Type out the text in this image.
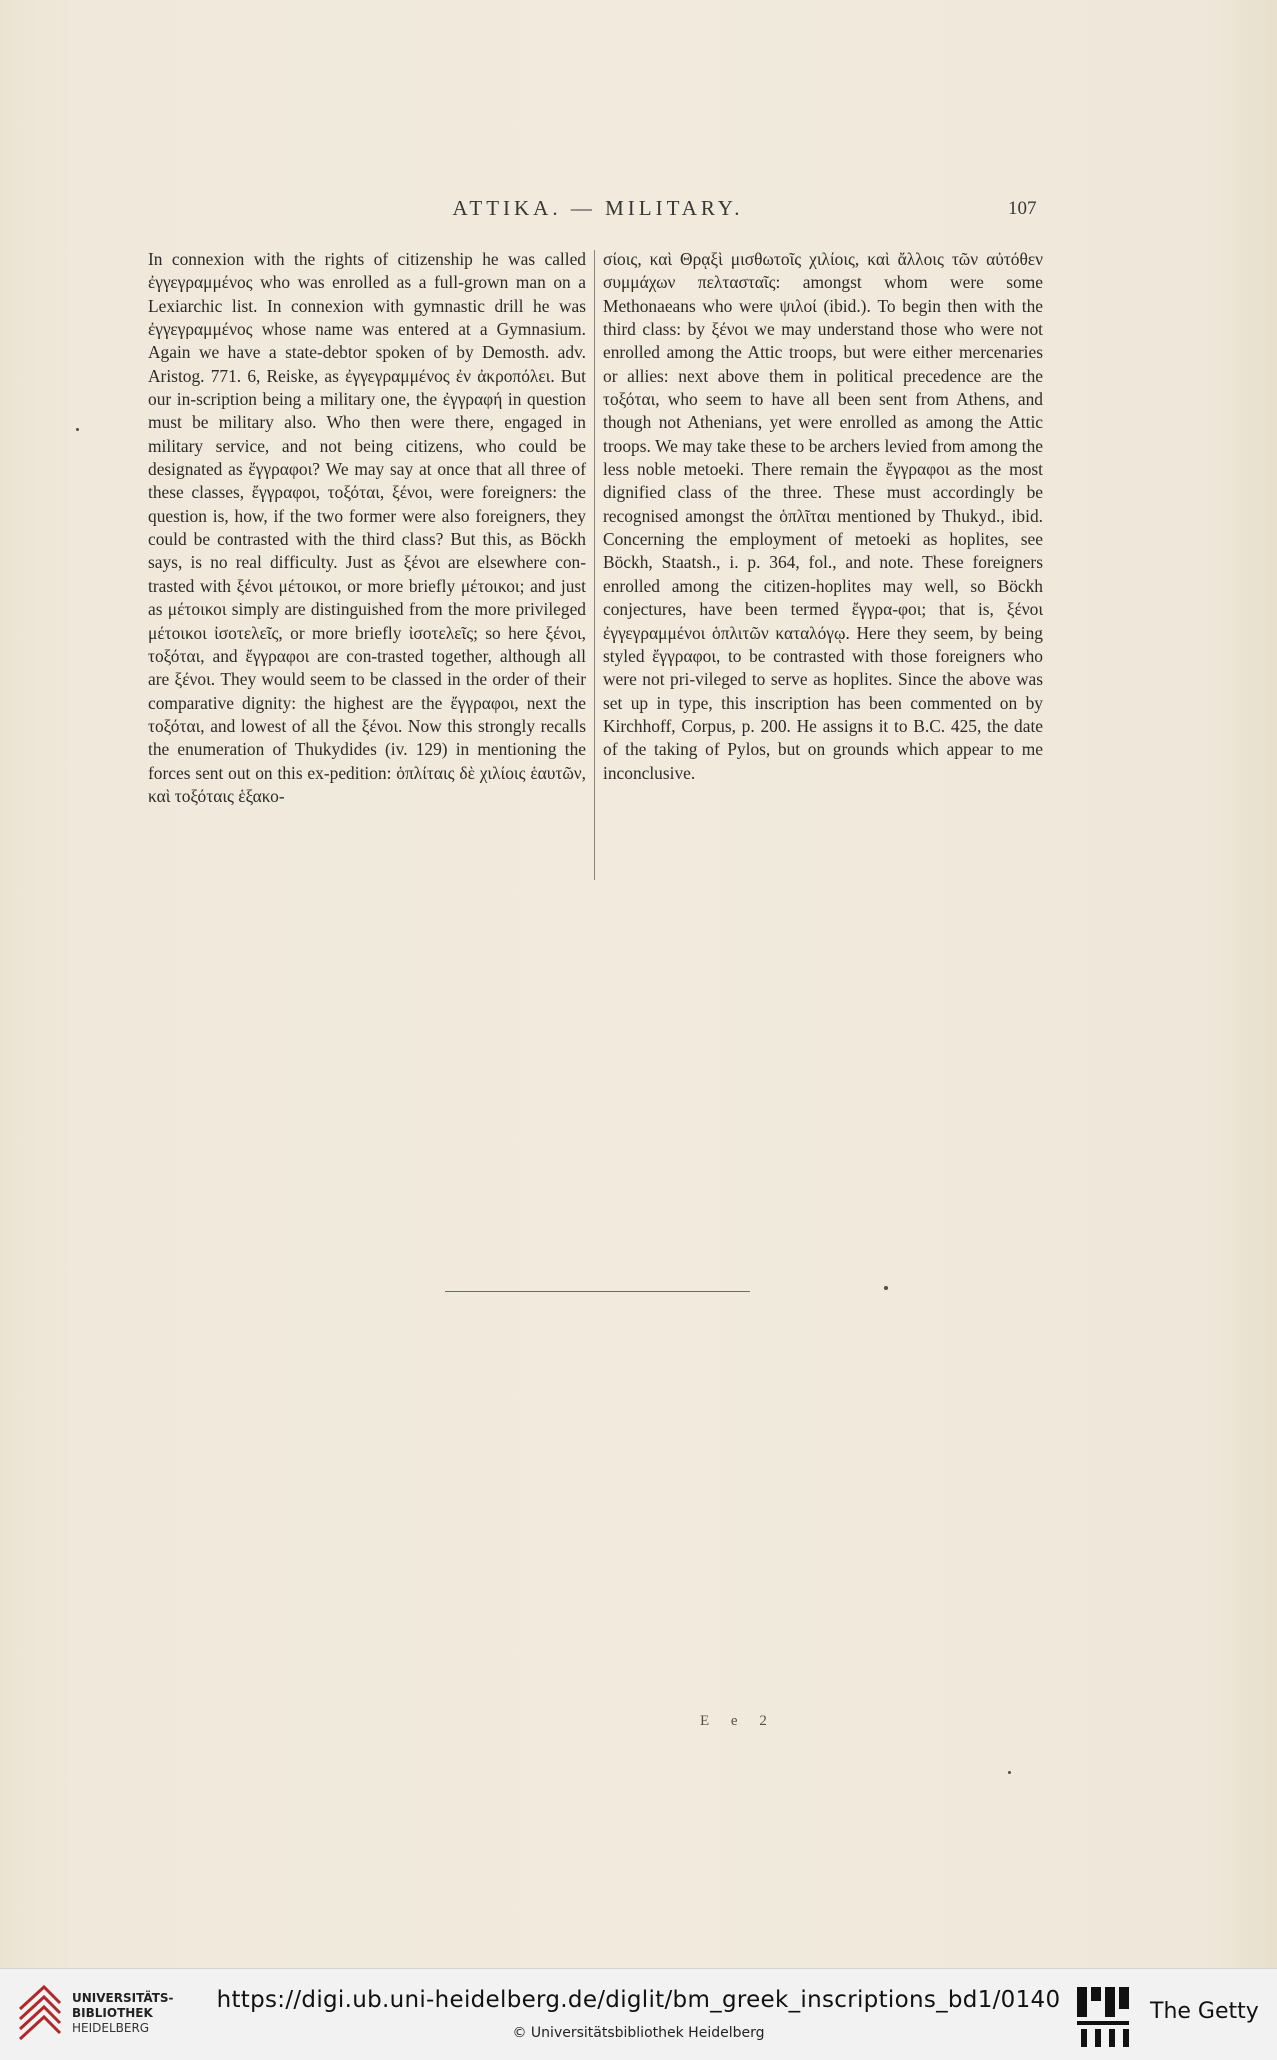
ATTIKA. — MILITARY.	107

In connexion with the rights of citizenship he was called ἐγγεγραμμένος who was enrolled as a full-grown man on a Lexiarchic list. In connexion with gymnastic drill he was ἐγγεγραμμένος whose name was entered at a Gymnasium. Again we have a state-debtor spoken of by Demosth. adv. Aristog. 771. 6, Reiske, as ἐγγεγραμμένος ἐν ἀκροπόλει. But our in-scription being a military one, the ἐγγραφή in question must be military also. Who then were there, engaged in military service, and not being citizens, who could be designated as ἔγγραφοι? We may say at once that all three of these classes, ἔγγραφοι, τοξόται, ξένοι, were foreigners: the question is, how, if the two former were also foreigners, they could be contrasted with the third class? But this, as Böckh says, is no real difficulty. Just as ξένοι are elsewhere con-trasted with ξένοι μέτοικοι, or more briefly μέτοικοι; and just as μέτοικοι simply are distinguished from the more privileged μέτοικοι ἰσοτελεῖς, or more briefly ἰσοτελεῖς; so here ξένοι, τοξόται, and ἔγγραφοι are con-trasted together, although all are ξένοι. They would seem to be classed in the order of their comparative dignity: the highest are the ἔγγραφοι, next the τοξόται, and lowest of all the ξένοι. Now this strongly recalls the enumeration of Thukydides (iv. 129) in mentioning the forces sent out on this ex-pedition: ὁπλίταις δὲ χιλίοις ἑαυτῶν, καὶ τοξόταις ἑξακο-

σίοις, καὶ Θρᾳξὶ μισθωτοῖς χιλίοις, καὶ ἄλλοις τῶν αὐτόθεν συμμάχων πελτασταῖς: amongst whom were some Methonaeans who were ψιλοί (ibid.). To begin then with the third class: by ξένοι we may understand those who were not enrolled among the Attic troops, but were either mercenaries or allies: next above them in political precedence are the τοξόται, who seem to have all been sent from Athens, and though not Athenians, yet were enrolled as among the Attic troops. We may take these to be archers levied from among the less noble metoeki. There remain the ἔγγραφοι as the most dignified class of the three. These must accordingly be recognised amongst the ὁπλῖται mentioned by Thukyd., ibid. Concerning the employment of metoeki as hoplites, see Böckh, Staatsh., i. p. 364, fol., and note. These foreigners enrolled among the citizen-hoplites may well, so Böckh conjectures, have been termed ἔγγρα-φοι; that is, ξένοι ἐγγεγραμμένοι ὁπλιτῶν καταλόγῳ. Here they seem, by being styled ἔγγραφοι, to be contrasted with those foreigners who were not pri-vileged to serve as hoplites. Since the above was set up in type, this inscription has been commented on by Kirchhoff, Corpus, p. 200. He assigns it to B.C. 425, the date of the taking of Pylos, but on grounds which appear to me inconclusive.

E e 2
UNIVERSITÄTS-
BIBLIOTHEK
HEIDELBERG
https://digi.ub.uni-heidelberg.de/diglit/bm_greek_inscriptions_bd1/0140
© Universitätsbibliothek Heidelberg
The Getty
